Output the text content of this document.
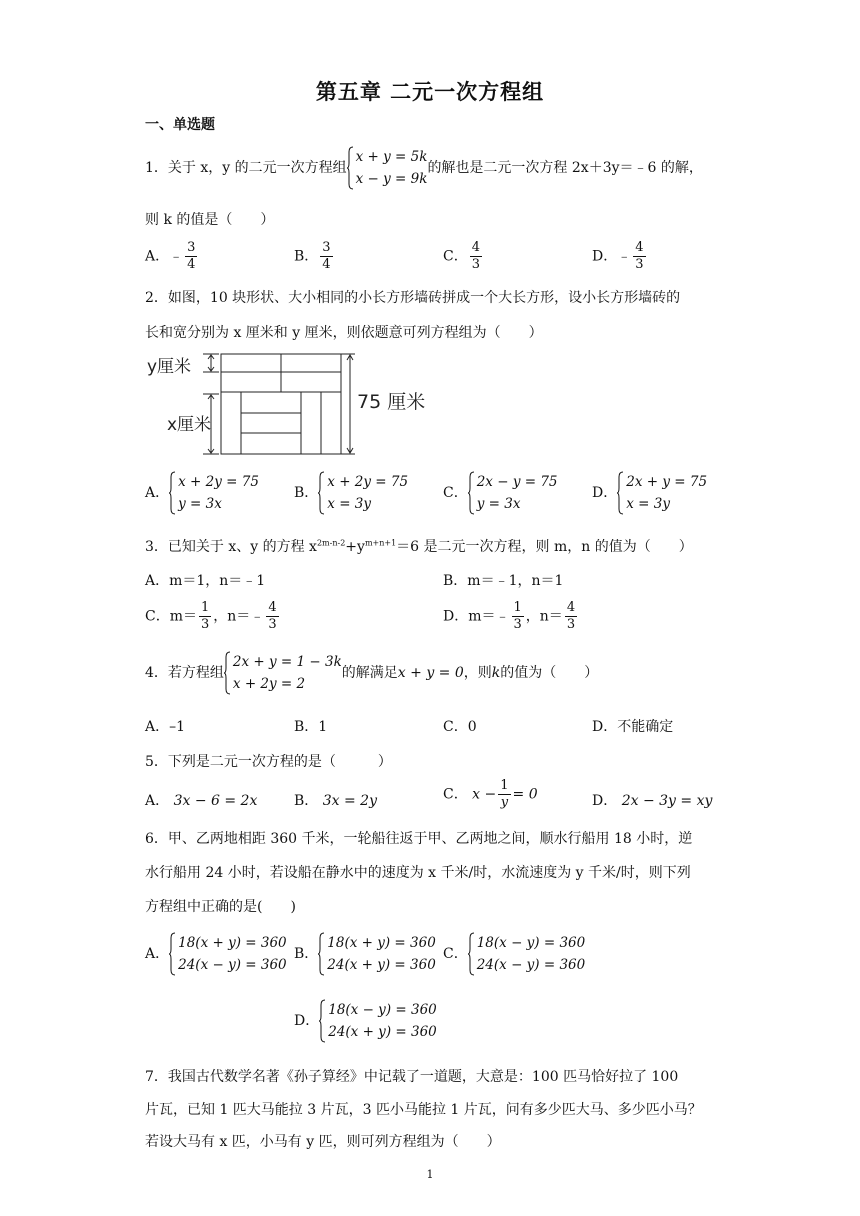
第五章 二元一次方程组
一、单选题
1．关于 x，y 的二元一次方程组
x + y = 5k
x − y = 9k
的解也是二元一次方程 2x＋3y＝﹣6 的解，
则 k 的值是（　　）
A．﹣ $\frac{3}{4}$	B． $\frac{3}{4}$	C． $\frac{4}{3}$	D．﹣ $\frac{4}{3}$
2．如图，10 块形状、大小相同的小长方形墙砖拼成一个大长方形，设小长方形墙砖的
长和宽分别为 x 厘米和 y 厘米，则依题意可列方程组为（　　）
y厘米
x厘米
75 厘米
A．
x + 2y = 75
y = 3x
B．
x + 2y = 75
x = 3y
C．
2x − y = 75
y = 3x
D．
2x + y = 75
x = 3y
3．已知关于 x、y 的方程 $x^{2m-n-2}+y^{m+n+1}=6$ 是二元一次方程，则 m，n 的值为（　　）
A．m＝1，n＝﹣1	B．m＝﹣1，n＝1
C．$m= \frac{1}{3}$ ，n＝﹣ $\frac{4}{3}$	D．m＝﹣ $\frac{1}{3}$ ，$n= \frac{4}{3}$
4．若方程组
2x + y = 1 − 3k
x + 2y = 2
的解满足x + y = 0，则k的值为（　　）
A．–1	B．1	C．0	D．不能确定
5．下列是二元一次方程的是（　　　）
A． 3x − 6 = 2x	B． 3x = 2y	C． $x - \frac{1}{y} = 0$	D． 2x − 3y = xy
6．甲、乙两地相距 360 千米，一轮船往返于甲、乙两地之间，顺水行船用 18 小时，逆
水行船用 24 小时，若设船在静水中的速度为 x 千米/时，水流速度为 y 千米/时，则下列
方程组中正确的是(　　)
A．
18(x + y) = 360
24(x − y) = 360
B．
18(x + y) = 360
24(x + y) = 360
C．
18(x − y) = 360
24(x − y) = 360
D．
18(x − y) = 360
24(x + y) = 360
7．我国古代数学名著《孙子算经》中记载了一道题，大意是：100 匹马恰好拉了 100
片瓦，已知 1 匹大马能拉 3 片瓦，3 匹小马能拉 1 片瓦，问有多少匹大马、多少匹小马？
若设大马有 x 匹，小马有 y 匹，则可列方程组为（　　）
1
